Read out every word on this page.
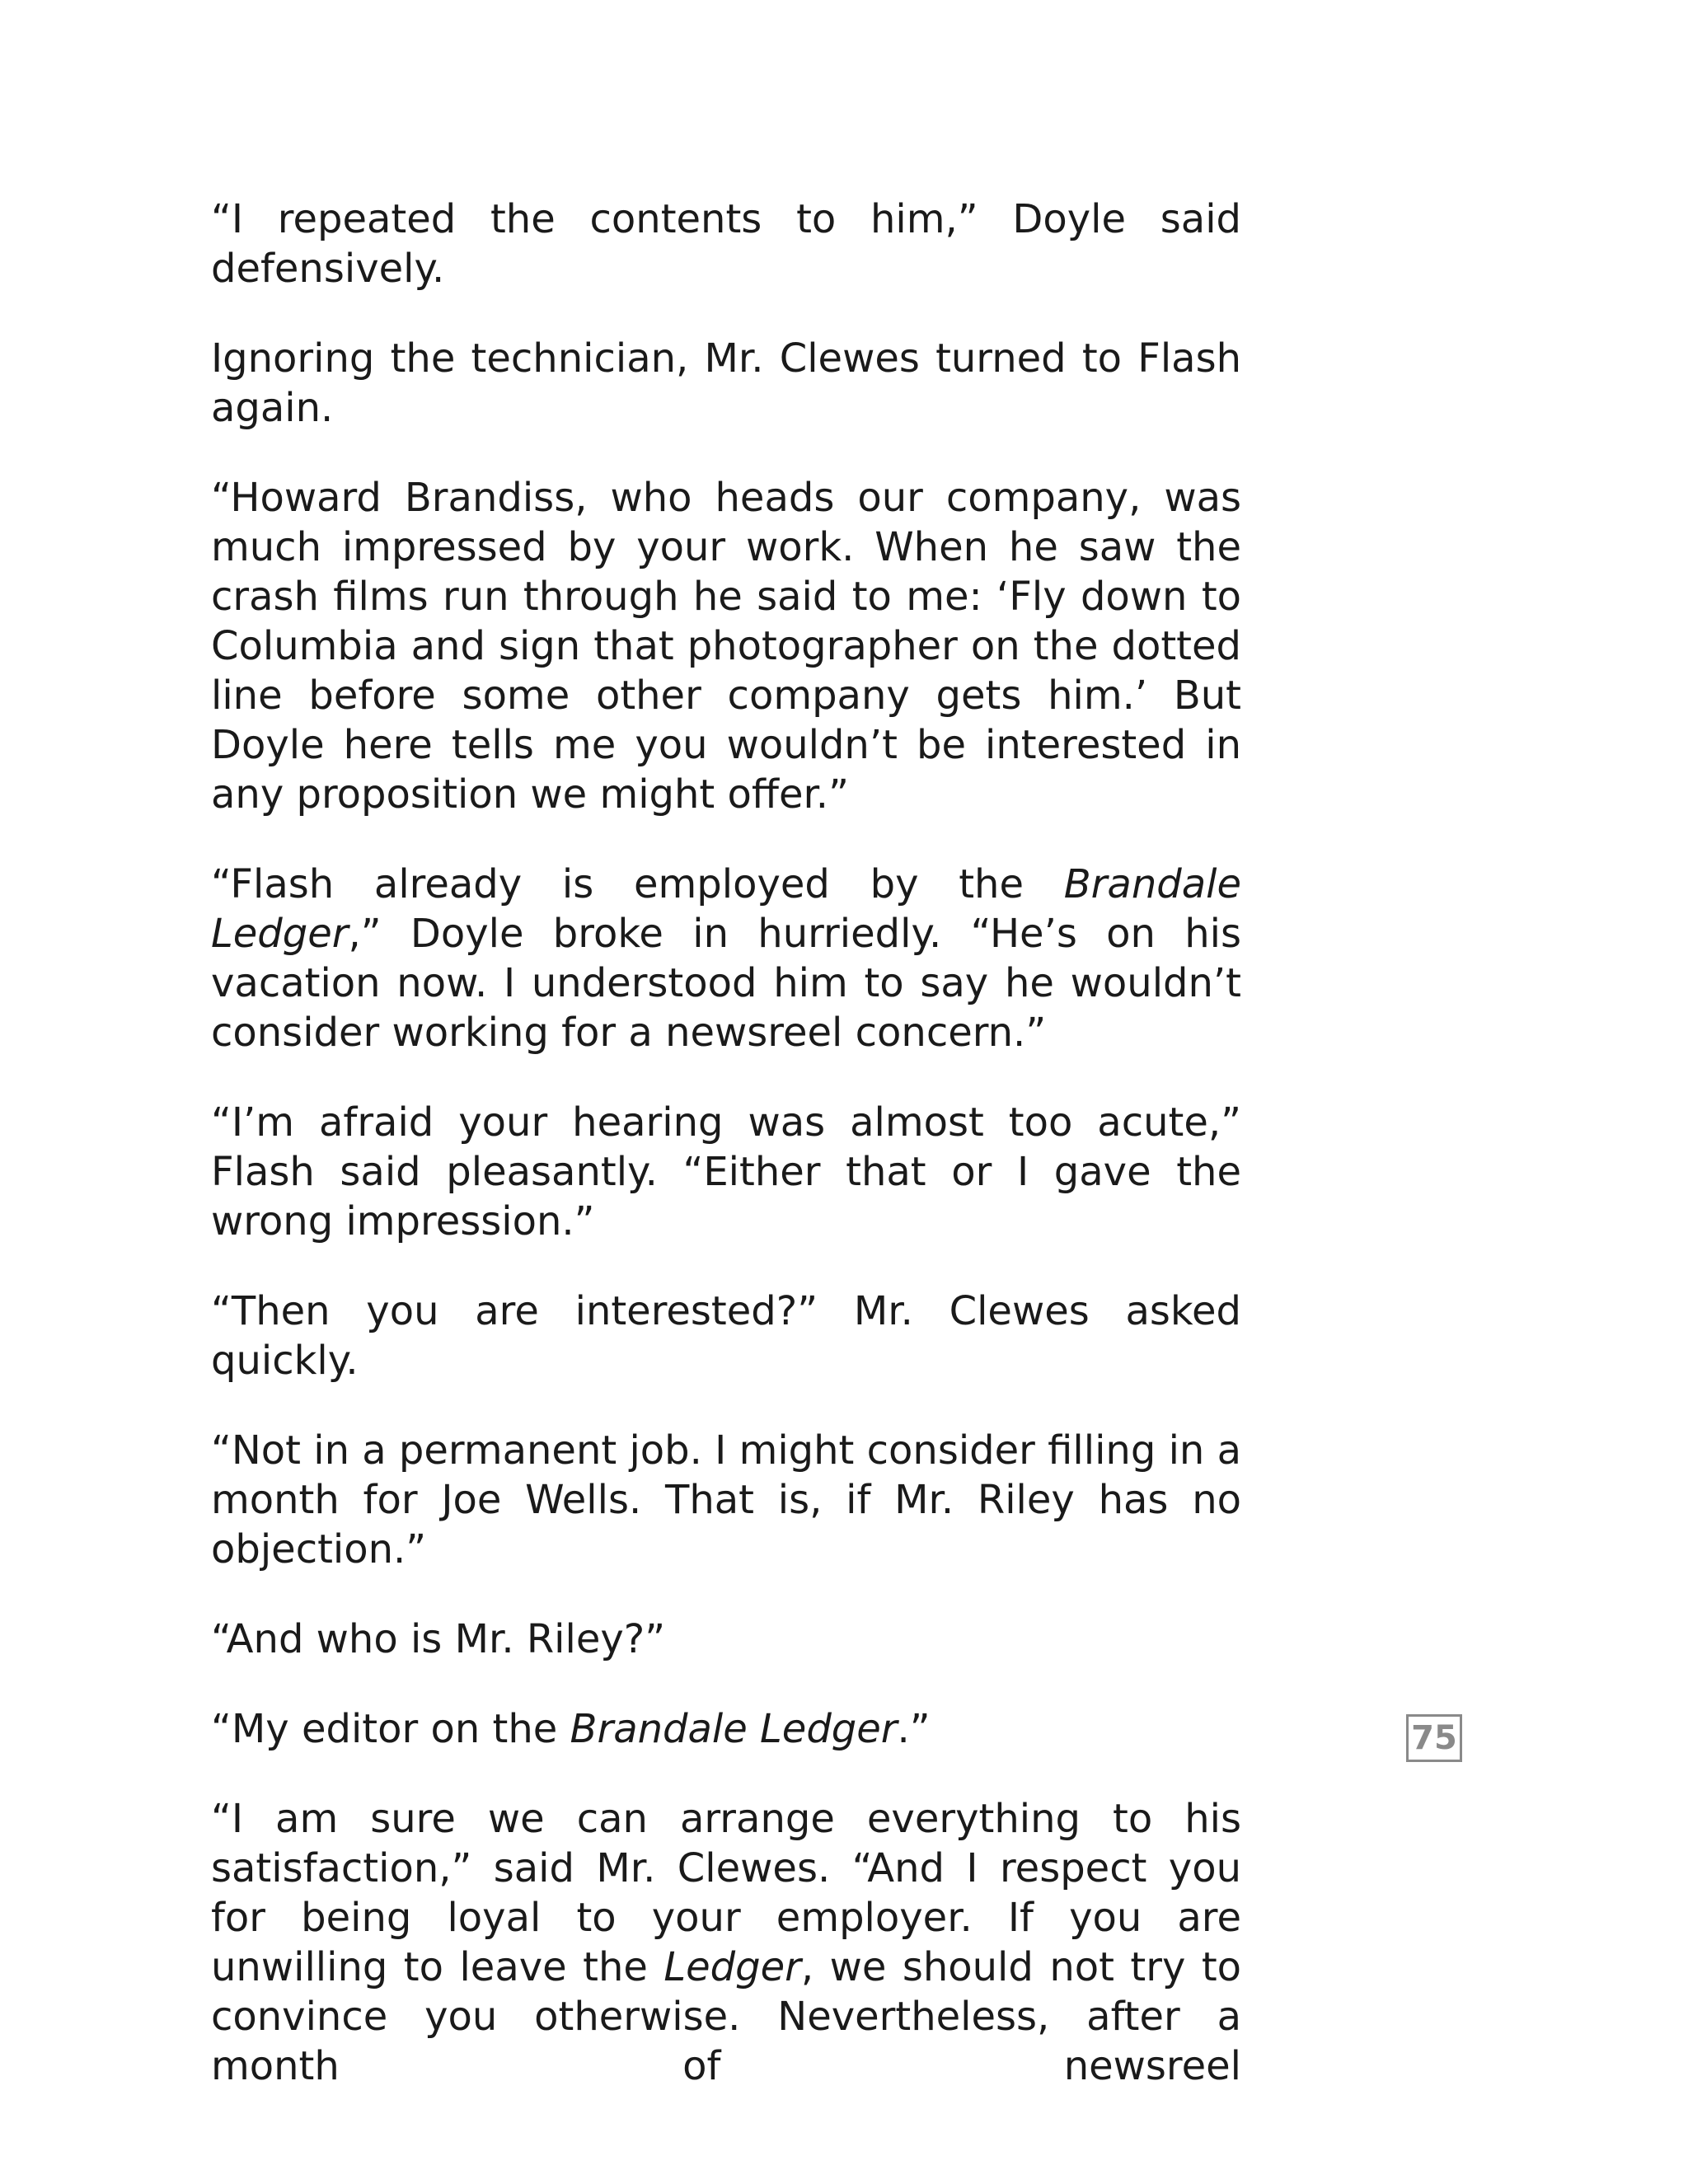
“I repeated the contents to him,” Doyle said defensively.

Ignoring the technician, Mr. Clewes turned to Flash again.

“Howard Brandiss, who heads our company, was much impressed by your work. When he saw the crash films run through he said to me: ‘Fly down to Columbia and sign that photographer on the dotted line before some other company gets him.’ But Doyle here tells me you wouldn’t be interested in any proposition we might offer.”

“Flash already is employed by the Brandale Ledger,” Doyle broke in hurriedly. “He’s on his vacation now. I understood him to say he wouldn’t consider working for a newsreel concern.”

“I’m afraid your hearing was almost too acute,” Flash said pleasantly. “Either that or I gave the wrong impression.”

“Then you are interested?” Mr. Clewes asked quickly.

“Not in a permanent job. I might consider filling in a month for Joe Wells. That is, if Mr. Riley has no objection.”

“And who is Mr. Riley?”

“My editor on the Brandale Ledger.”

“I am sure we can arrange everything to his satisfaction,” said Mr. Clewes. “And I respect you for being loyal to your employer. If you are unwilling to leave the Ledger, we should not try to convince you otherwise. Nevertheless, after a month of newsreel

75
